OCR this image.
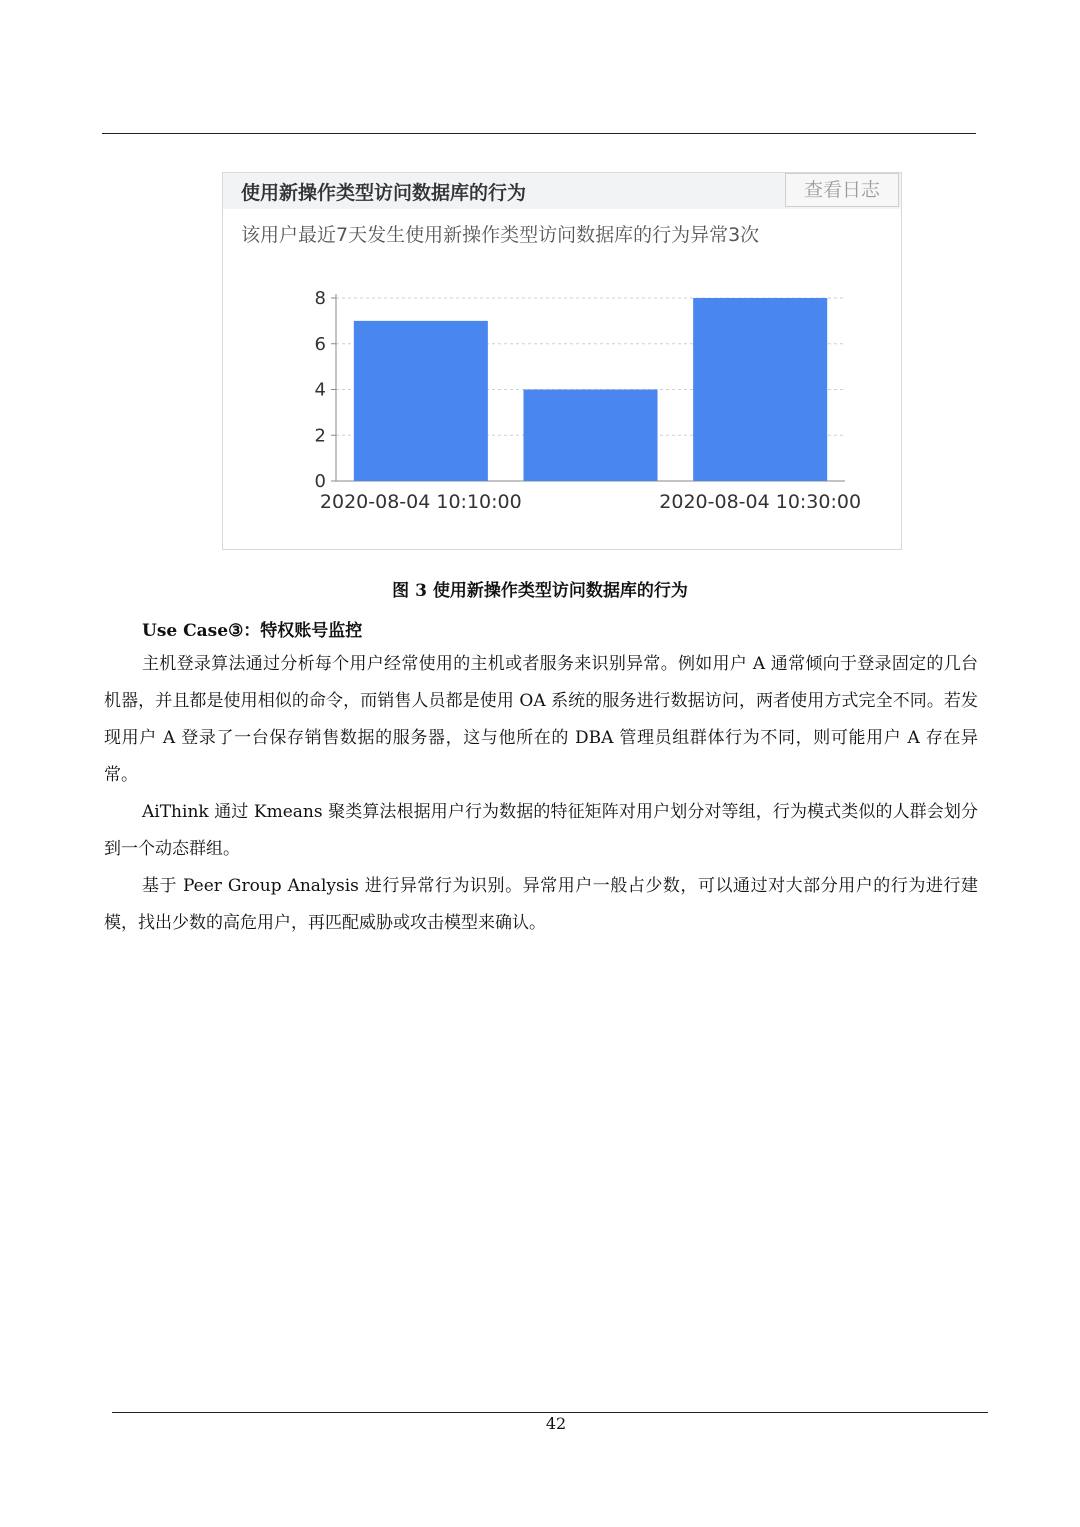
使用新操作类型访问数据库的行为	查看日志
该用户最近7天发生使用新操作类型访问数据库的行为异常3次
0
2
4
6
8
2020-08-04 10:10:00	2020-08-04 10:30:00
图 3 使用新操作类型访问数据库的行为
Use Case③：特权账号监控

主机登录算法通过分析每个用户经常使用的主机或者服务来识别异常。例如用户 A 通常倾向于登录固定的几台机器，并且都是使用相似的命令，而销售人员都是使用 OA 系统的服务进行数据访问，两者使用方式完全不同。若发现用户 A 登录了一台保存销售数据的服务器，这与他所在的 DBA 管理员组群体行为不同，则可能用户 A 存在异常。

AiThink 通过 Kmeans 聚类算法根据用户行为数据的特征矩阵对用户划分对等组，行为模式类似的人群会划分到一个动态群组。

基于 Peer Group Analysis 进行异常行为识别。异常用户一般占少数，可以通过对大部分用户的行为进行建模，找出少数的高危用户，再匹配威胁或攻击模型来确认。

42
